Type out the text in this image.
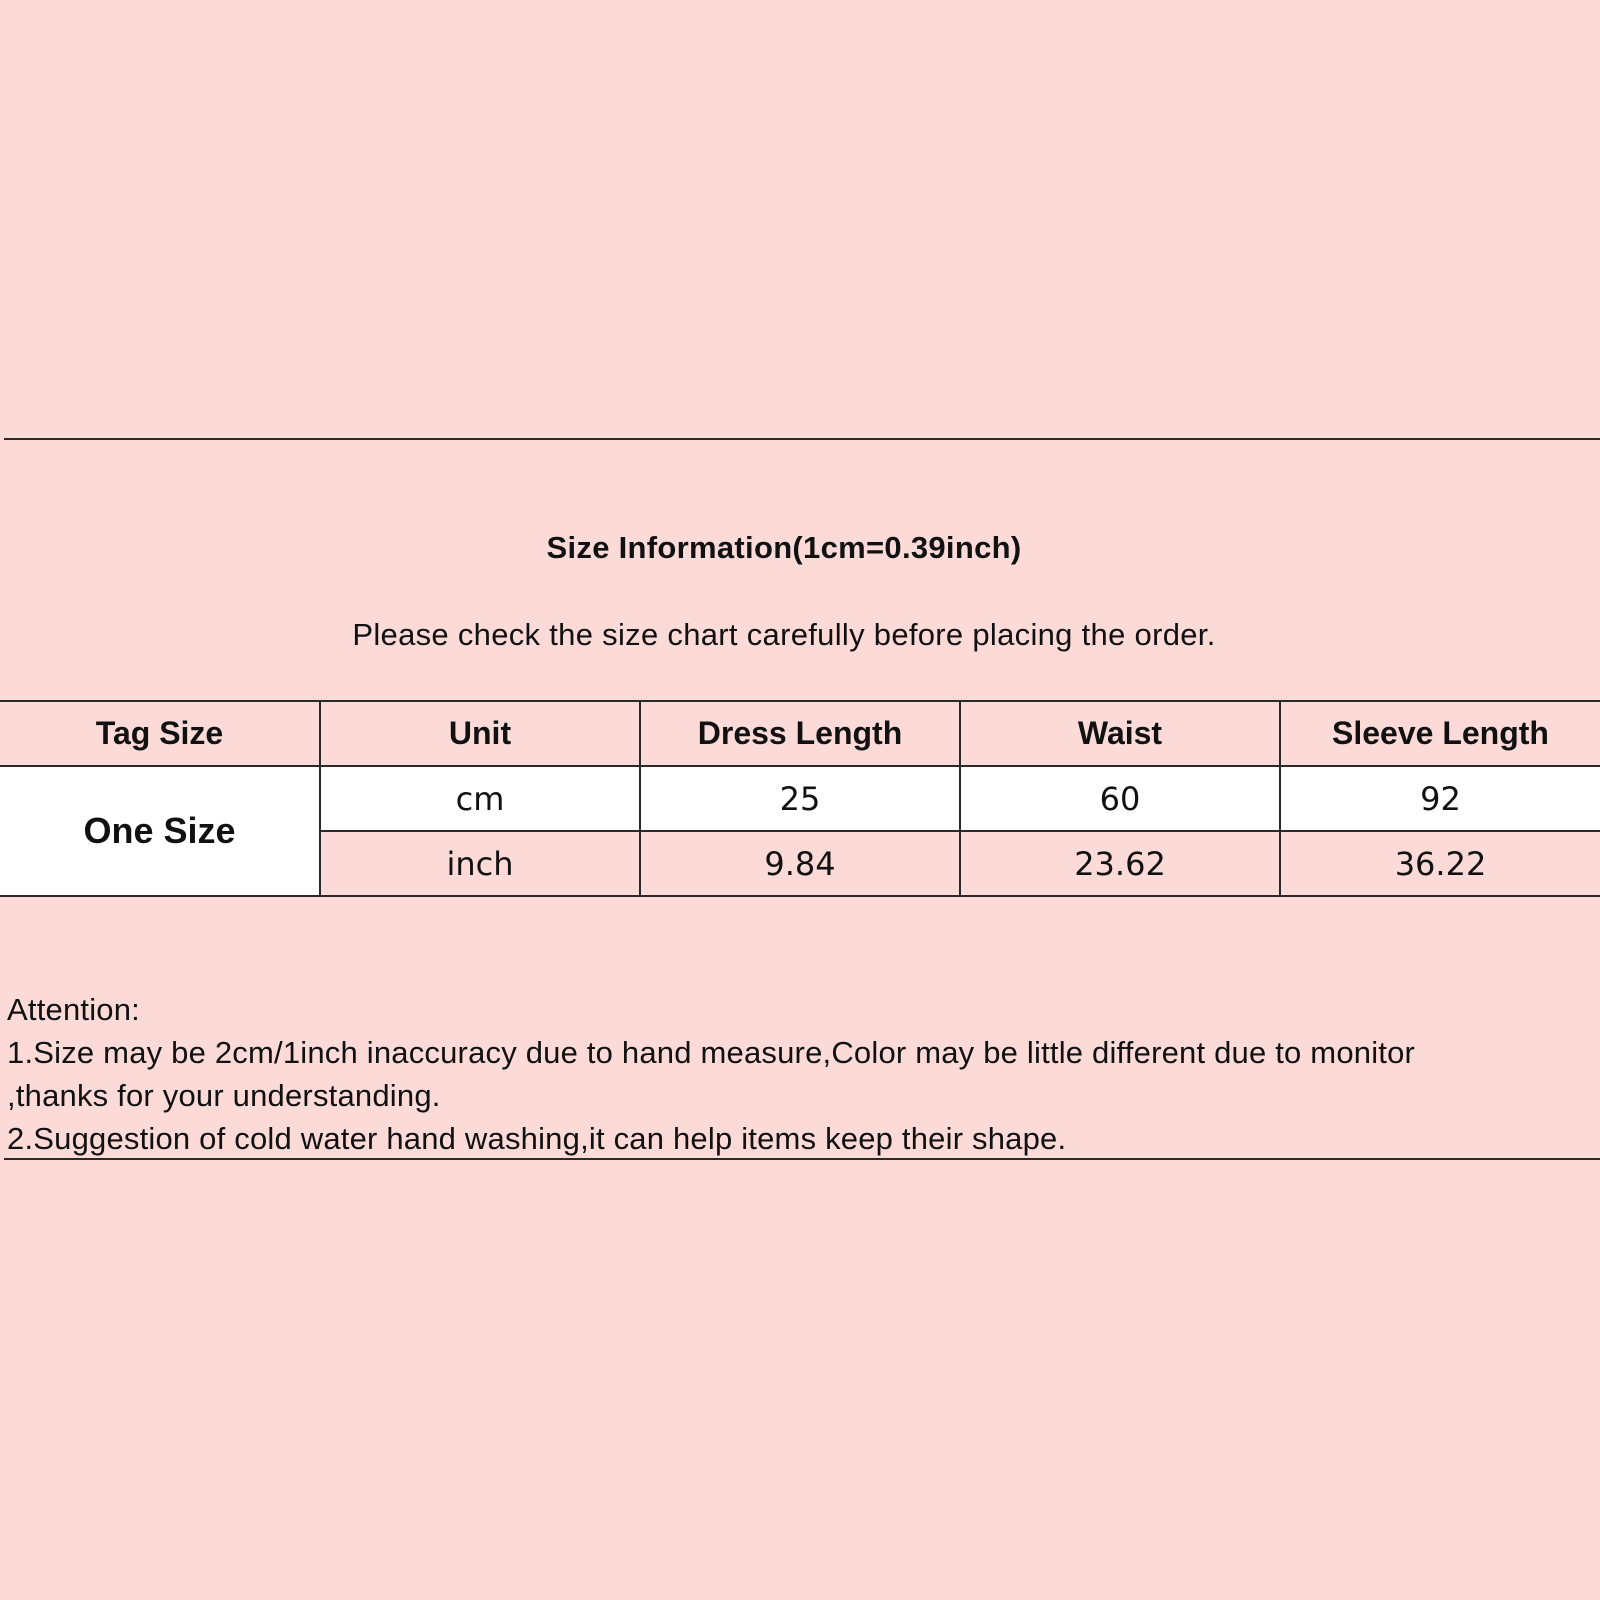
Size Information(1cm=0.39inch)
Please check the size chart carefully before placing the order.
Tag Size	Unit	Dress Length	Waist	Sleeve Length
One Size	cm	25	60	92
	inch	9.84	23.62	36.22

Attention:

1.Size may be 2cm/1inch inaccuracy due to hand measure,Color may be little different due to monitor

,thanks for your understanding.

2.Suggestion of cold water hand washing,it can help items keep their shape.
